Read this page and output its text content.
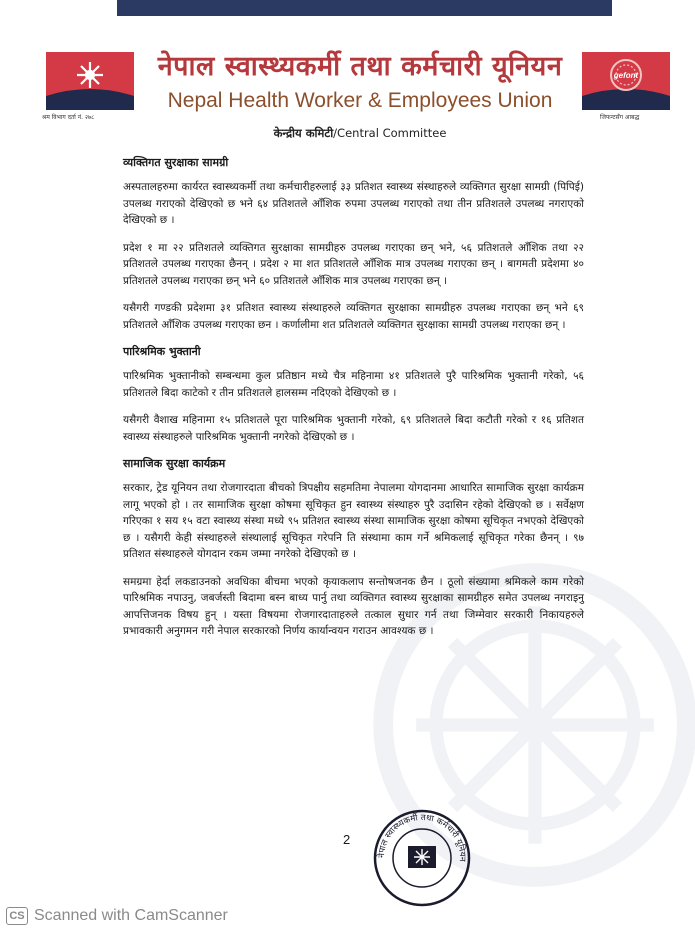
श्रम विभाग दर्ता नं. २७८
gefont
जिफन्टसँग आबद्ध
नेपाल स्वास्थ्यकर्मी तथा कर्मचारी यूनियन
Nepal Health Worker & Employees Union
केन्द्रीय कमिटी/Central Committee
व्यक्तिगत सुरक्षाका सामग्री

अस्पतालहरुमा कार्यरत स्वास्थ्यकर्मी तथा कर्मचारीहरुलाई ३३ प्रतिशत स्वास्थ्य संस्थाहरुले व्यक्तिगत सुरक्षा सामग्री (पिपिई) उपलब्ध गराएको देखिएको छ भने ६४ प्रतिशतले आँशिक रुपमा उपलब्ध गराएको तथा तीन प्रतिशतले उपलब्ध नगराएको देखिएको छ ।

प्रदेश १ मा २२ प्रतिशतले व्यक्तिगत सुरक्षाका सामग्रीहरु उपलब्ध गराएका छन् भने, ५६ प्रतिशतले आँशिक तथा २२ प्रतिशतले उपलब्ध गराएका छैनन् । प्रदेश २ मा शत प्रतिशतले आँशिक मात्र उपलब्ध गराएका छन् । बागमती प्रदेशमा ४० प्रतिशतले उपलब्ध गराएका छन् भने ६० प्रतिशतले आँशिक मात्र उपलब्ध गराएका छन् ।

यसैगरी गण्डकी प्रदेशमा ३१ प्रतिशत स्वास्थ्य संस्थाहरुले व्यक्तिगत सुरक्षाका सामग्रीहरु उपलब्ध गराएका छन् भने ६९ प्रतिशतले आँशिक उपलब्ध गराएका छन । कर्णालीमा शत प्रतिशतले व्यक्तिगत सुरक्षाका सामग्री उपलब्ध गराएका छन् ।

पारिश्रमिक भुक्तानी

पारिश्रमिक भुक्तानीको सम्बन्धमा कुल प्रतिष्ठान मध्ये चैत्र महिनामा ४१ प्रतिशतले पुरै पारिश्रमिक भुक्तानी गरेको, ५६ प्रतिशतले बिदा काटेको र तीन प्रतिशतले हालसम्म नदिएको देखिएको छ ।

यसैगरी वैशाख महिनामा १५ प्रतिशतले पूरा पारिश्रमिक भुक्तानी गरेको, ६९ प्रतिशतले बिदा कटौती गरेको र १६ प्रतिशत स्वास्थ्य संस्थाहरुले पारिश्रमिक भुक्तानी नगरेको देखिएको छ ।

सामाजिक सुरक्षा कार्यक्रम

सरकार, ट्रेड यूनियन तथा रोजगारदाता बीचको त्रिपक्षीय सहमतिमा नेपालमा योगदानमा आधारित सामाजिक सुरक्षा कार्यक्रम लागू भएको हो । तर सामाजिक सुरक्षा कोषमा सूचिकृत हुन स्वास्थ्य संस्थाहरु पुरै उदासिन रहेको देखिएको छ । सर्वेक्षण गरिएका १ सय १५ वटा स्वास्थ्य संस्था मध्ये ९५ प्रतिशत स्वास्थ्य संस्था सामाजिक सुरक्षा कोषमा सूचिकृत नभएको देखिएको छ । यसैगरी केही संस्थाहरुले संस्थालाई सूचिकृत गरेपनि ति संस्थामा काम गर्ने श्रमिकलाई सूचिकृत गरेका छैनन् । ९७ प्रतिशत संस्थाहरुले योगदान रकम जम्मा नगरेको देखिएको छ ।

समग्रमा हेर्दा लकडाउनको अवधिका बीचमा भएको कृयाकलाप सन्तोषजनक छैन । ठूलो संख्यामा श्रमिकले काम गरेको पारिश्रमिक नपाउनु, जबर्जस्ती बिदामा बस्न बाध्य पार्नु तथा व्यक्तिगत स्वास्थ्य सुरक्षाका सामग्रीहरु समेत उपलब्ध नगराइनु आपत्तिजनक विषय हुन् । यस्ता विषयमा रोजगारदाताहरुले तत्काल सुधार गर्न तथा जिम्मेवार सरकारी निकायहरुले प्रभावकारी अनुगमन गरी नेपाल सरकारको निर्णय कार्यान्वयन गराउन आवश्यक छ ।

2
नेपाल स्वास्थ्यकर्मी तथा कर्मचारी यूनियन
CS Scanned with CamScanner
